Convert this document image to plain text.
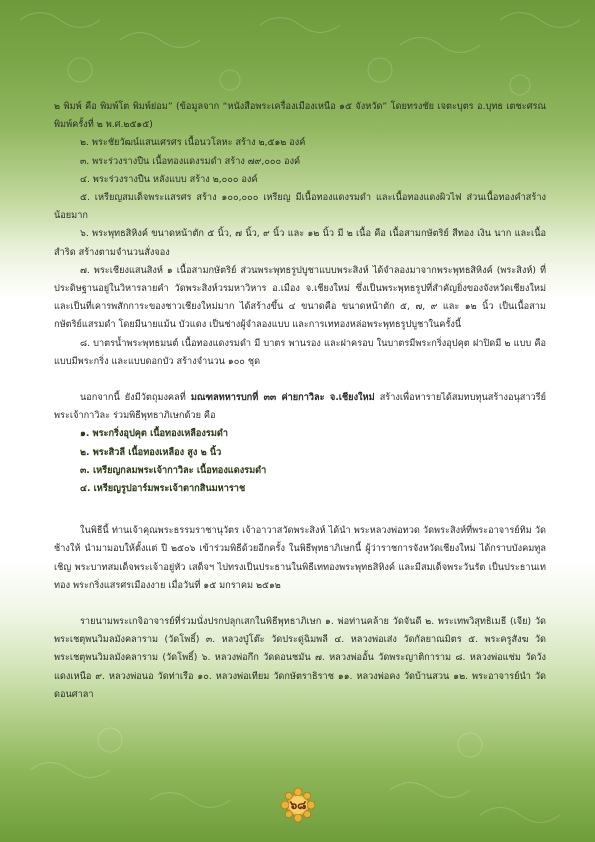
๒ พิมพ์ คือ พิมพ์โต พิมพ์ย่อม” (ข้อมูลจาก “หนังสือพระเครื่องเมืองเหนือ ๑๕ จังหวัด” โดยทรงชัย เจตะบุตร อ.บุทธ เตชะศรณ พิมพ์ครั้งที่ ๒ พ.ศ.๒๕๑๕)

๒. พระชัยวัฒน์แสนเศรศร เนื้อนวโลหะ สร้าง ๒,๕๑๒ องค์

๓. พระร่วงรางปืน เนื้อทองแดงรมดำ สร้าง ๗๙,๐๐๐ องค์

๔. พระร่วงรางปืน หลังแบบ สร้าง ๒,๐๐๐ องค์

๕. เหรียญสมเด็จพระแสรศร สร้าง ๑๐๐,๐๐๐ เหรียญ มีเนื้อทองแดงรมดำ และเนื้อทองแดงผิวไฟ ส่วนเนื้อทองคำสร้างน้อยมาก

๖. พระพุทธสิหิงค์ ขนาดหน้าตัก ๕ นิ้ว, ๗ นิ้ว, ๙ นิ้ว และ ๑๒ นิ้ว มี ๒ เนื้อ คือ เนื้อสามกษัตริย์ สีทอง เงิน นาก และเนื้อสำริด สร้างตามจำนวนสั่งจอง

๗. พระเชียงแสนสิงห์ ๑ เนื้อสามกษัตริย์ ส่วนพระพุทธรูปบูชาแบบพระสิงห์ ได้จำลองมาจากพระพุทธสิหิงค์ (พระสิงห์) ที่ประดิษฐานอยู่ในวิหารลายคำ วัดพระสิงห์วรมหาวิหาร อ.เมือง จ.เชียงใหม่ ซึ่งเป็นพระพุทธรูปที่สำคัญยิ่งของจังหวัดเชียงใหม่ และเป็นที่เคารพสักการะของชาวเชียงใหม่มาก ได้สร้างขึ้น ๔ ขนาดคือ ขนาดหน้าตัก ๕, ๗, ๙ และ ๑๒ นิ้ว เป็นเนื้อสามกษัตริย์แสรมดำ โดยมีนายแม้น บัวแดง เป็นช่างผู้จำลองแบบ และการเททองหล่อพระพุทธรูปบูชาในครั้งนี้

๘. บาตรน้ำพระพุทธมนต์ เนื้อทองแดงรมดำ มี บาตร พานรอง และฝาครอบ ในบาตรมีพระกริ่งอุปคุต ฝาปิดมี ๒ แบบ คือ แบบมีพระกริ่ง และแบบดอกบัว สร้างจำนวน ๑๐๐ ชุด

นอกจากนี้ ยังมีวัตถุมงคลที่ มณฑลทหารบกที่ ๓๓ ค่ายกาวิละ จ.เชียงใหม่ สร้างเพื่อหารายได้สมทบทุนสร้างอนุสาวรีย์พระเจ้ากาวิละ ร่วมพิธีพุทธาภิเษกด้วย คือ

๑. พระกริ่งอุปคุต เนื้อทองเหลืองรมดำ

๒. พระสิวลี เนื้อทองเหลือง สูง ๒ นิ้ว

๓. เหรียญกลมพระเจ้ากาวิละ เนื้อทองแดงรมดำ

๔. เหรียญรูปอาร์มพระเจ้าตากสินมหาราช

ในพิธีนี้ ท่านเจ้าคุณพระธรรมราชานุวัตร เจ้าอาวาสวัดพระสิงห์ ได้นำ พระหลวงพ่อทวด วัดพระสิงห์ที่พระอาจารย์ทิม วัดช้างให้ นำมามอบให้ตั้งแต่ ปี ๒๕๐๖ เข้าร่วมพิธีด้วยอีกครั้ง ในพิธีพุทธาภิเษกนี้ ผู้ว่าราชการจังหวัดเชียงใหม่ ได้กราบบังคมทูลเชิญ พระบาทสมเด็จพระเจ้าอยู่หัว เสด็จฯ ไปทรงเป็นประธานในพิธีเททองพระพุทธสิหิงค์ และมีสมเด็จพระวันรัต เป็นประธานเททอง พระกริ่งแสรศรเมืองงาย เมื่อวันที่ ๑๕ มกราคม ๒๕๑๒

รายนามพระเกจิอาจารย์ที่ร่วมนั่งปรกปลุกเสกในพิธีพุทธาภิเษก ๑. พ่อท่านคล้าย วัดจันดี ๒. พระเทพวิสุทธิเมธี (เจีย) วัดพระเชตุพนวิมลมังคลาราม (วัดโพธิ์) ๓. หลวงปู่โต๊ะ วัดประดู่ฉิมพลี ๔. หลวงพ่อเส่ง วัดกัลยาณมิตร ๕. พระครูสังฆ วัดพระเชตุพนวิมลมังคลาราม (วัดโพธิ์) ๖. หลวงพ่อกึก วัดดอนชมัน ๗. หลวงพ่ออั้น วัดพระญาติการาม ๘. หลวงพ่อแช่ม วัดวังแดงเหนือ ๙. หลวงพ่อนอ วัดท่าเรือ ๑๐. หลวงพ่อเทียม วัดกษัตราธิราช ๑๑. หลวงพ่อคง วัดบ้านสวน ๑๒. พระอาจารย์นำ วัดดอนศาลา

๖๘
